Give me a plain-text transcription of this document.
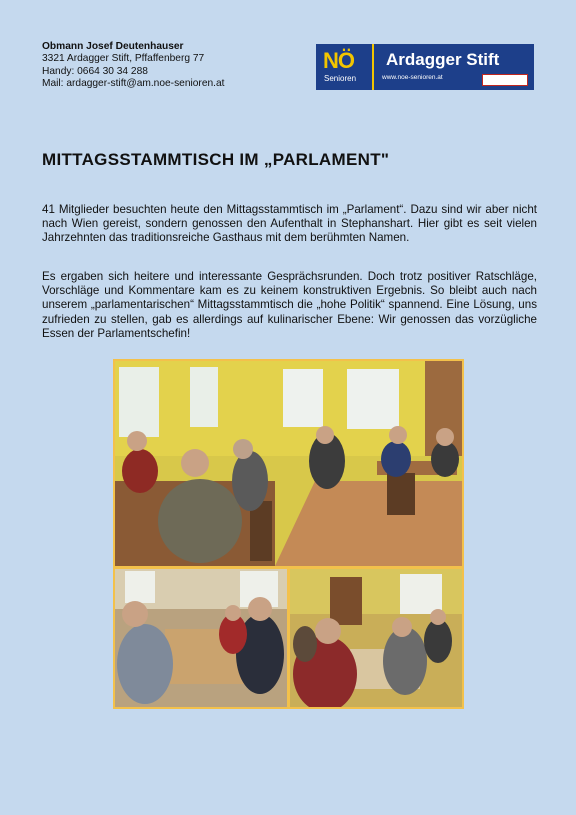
Obmann Josef Deutenhauser
3321 Ardagger Stift, Pffaffenberg 77
Handy: 0664 30 34 288
Mail: ardagger-stift@am.noe-senioren.at
NÖ
Senioren
Ardagger Stift
www.noe-senioren.at
MITTAGSSTAMMTISCH IM „PARLAMENT"

41 Mitglieder besuchten heute den Mittagsstammtisch im „Parlament“. Dazu sind wir aber nicht nach Wien gereist, sondern genossen den Aufenthalt in Stephanshart. Hier gibt es seit vielen Jahrzehnten das traditionsreiche Gasthaus mit dem berühmten Namen.

Es ergaben sich heitere und interessante Gesprächsrunden. Doch trotz positiver Ratschläge, Vorschläge und Kommentare kam es zu keinem konstruktiven Ergebnis. So bleibt auch nach unserem „parlamentarischen“ Mittagsstammtisch die „hohe Politik“ spannend. Eine Lösung, uns zufrieden zu stellen, gab es allerdings auf kulinarischer Ebene: Wir genossen das vorzügliche Essen der Parlamentschefin!
